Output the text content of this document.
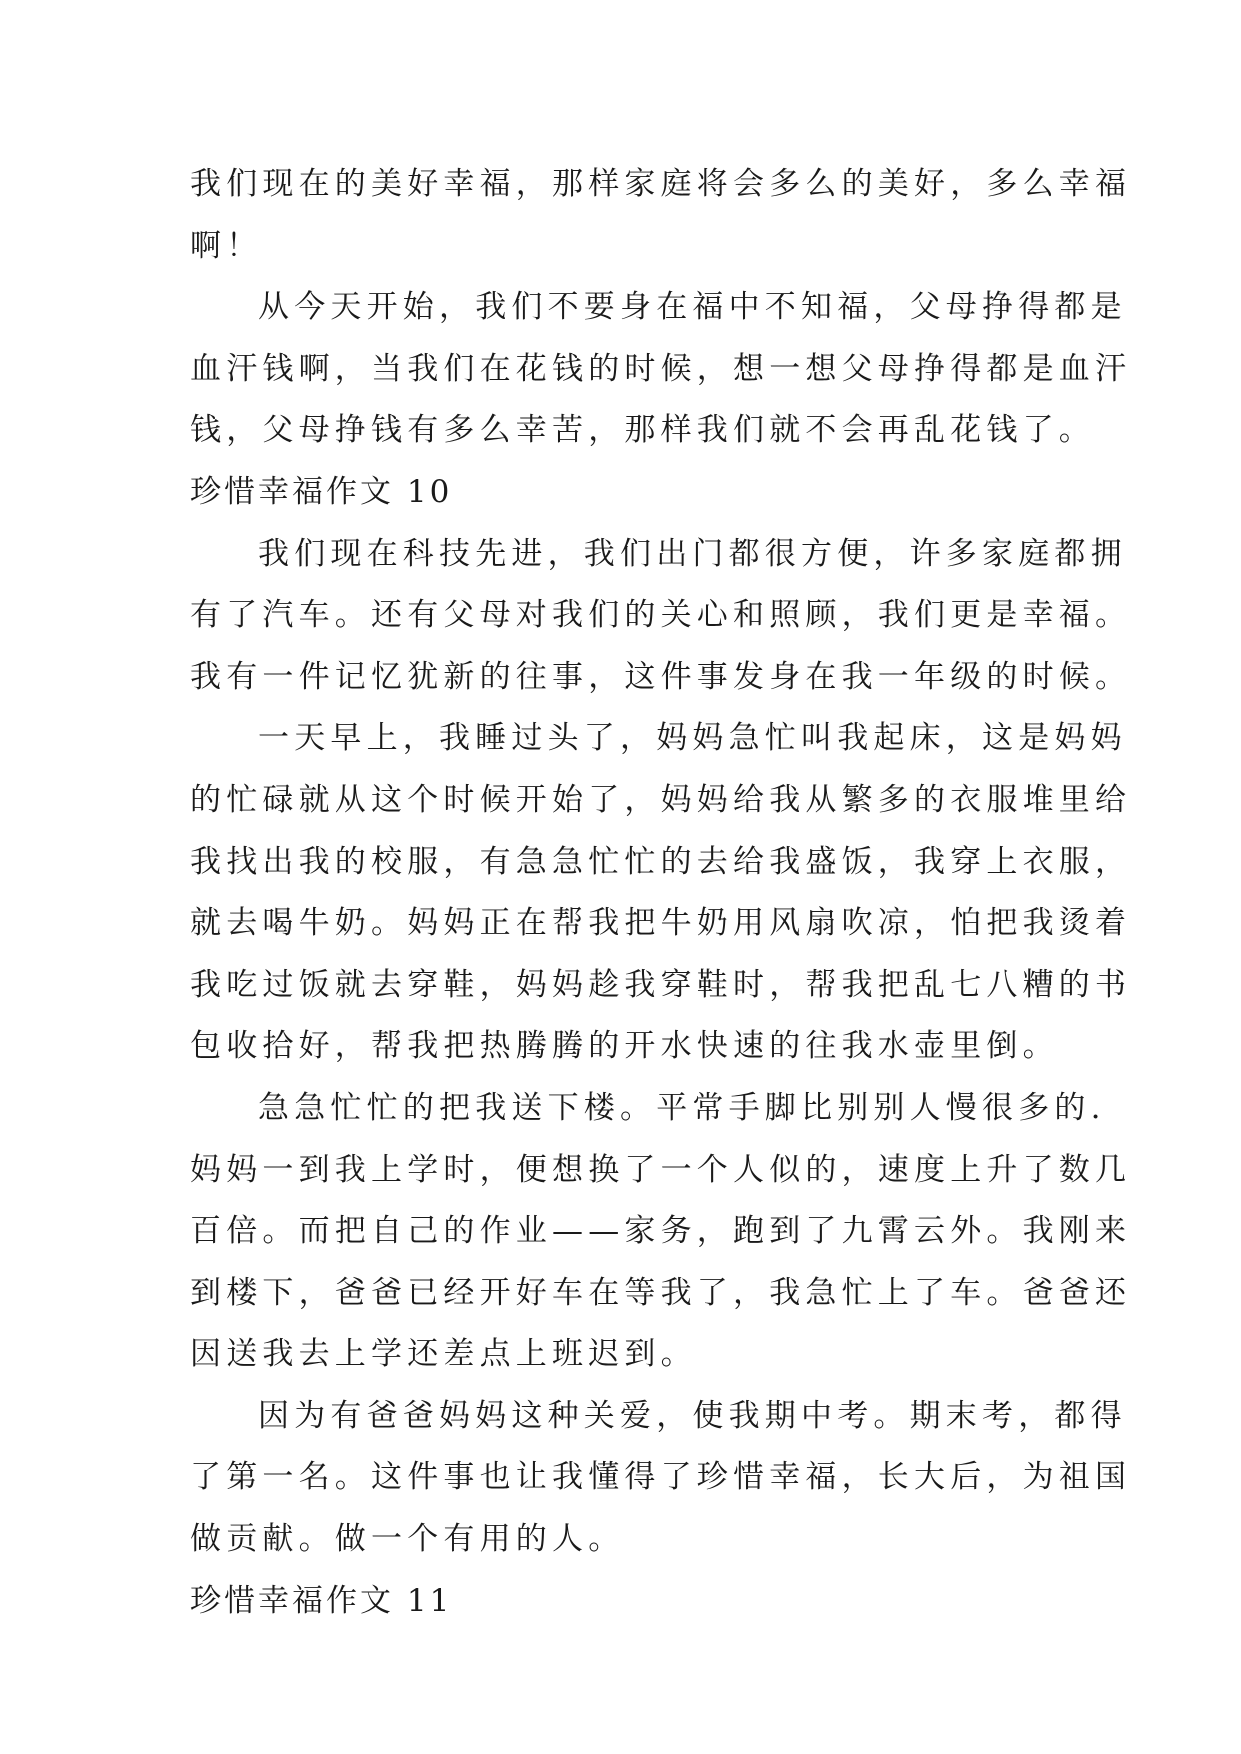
我们现在的美好幸福，那样家庭将会多么的美好，多么幸福
啊！

从今天开始，我们不要身在福中不知福，父母挣得都是
血汗钱啊，当我们在花钱的时候，想一想父母挣得都是血汗
钱，父母挣钱有多么幸苦，那样我们就不会再乱花钱了。

珍惜幸福作文 10

我们现在科技先进，我们出门都很方便，许多家庭都拥
有了汽车。还有父母对我们的关心和照顾，我们更是幸福。
我有一件记忆犹新的往事，这件事发身在我一年级的时候。

一天早上，我睡过头了，妈妈急忙叫我起床，这是妈妈
的忙碌就从这个时候开始了，妈妈给我从繁多的衣服堆里给
我找出我的校服，有急急忙忙的去给我盛饭，我穿上衣服，
就去喝牛奶。妈妈正在帮我把牛奶用风扇吹凉，怕把我烫着
我吃过饭就去穿鞋，妈妈趁我穿鞋时，帮我把乱七八糟的书
包收拾好，帮我把热腾腾的开水快速的往我水壶里倒。

急急忙忙的把我送下楼。平常手脚比别别人慢很多的.
妈妈一到我上学时，便想换了一个人似的，速度上升了数几
百倍。而把自己的作业——家务，跑到了九霄云外。我刚来
到楼下，爸爸已经开好车在等我了，我急忙上了车。爸爸还
因送我去上学还差点上班迟到。

因为有爸爸妈妈这种关爱，使我期中考。期末考，都得
了第一名。这件事也让我懂得了珍惜幸福，长大后，为祖国
做贡献。做一个有用的人。

珍惜幸福作文 11
